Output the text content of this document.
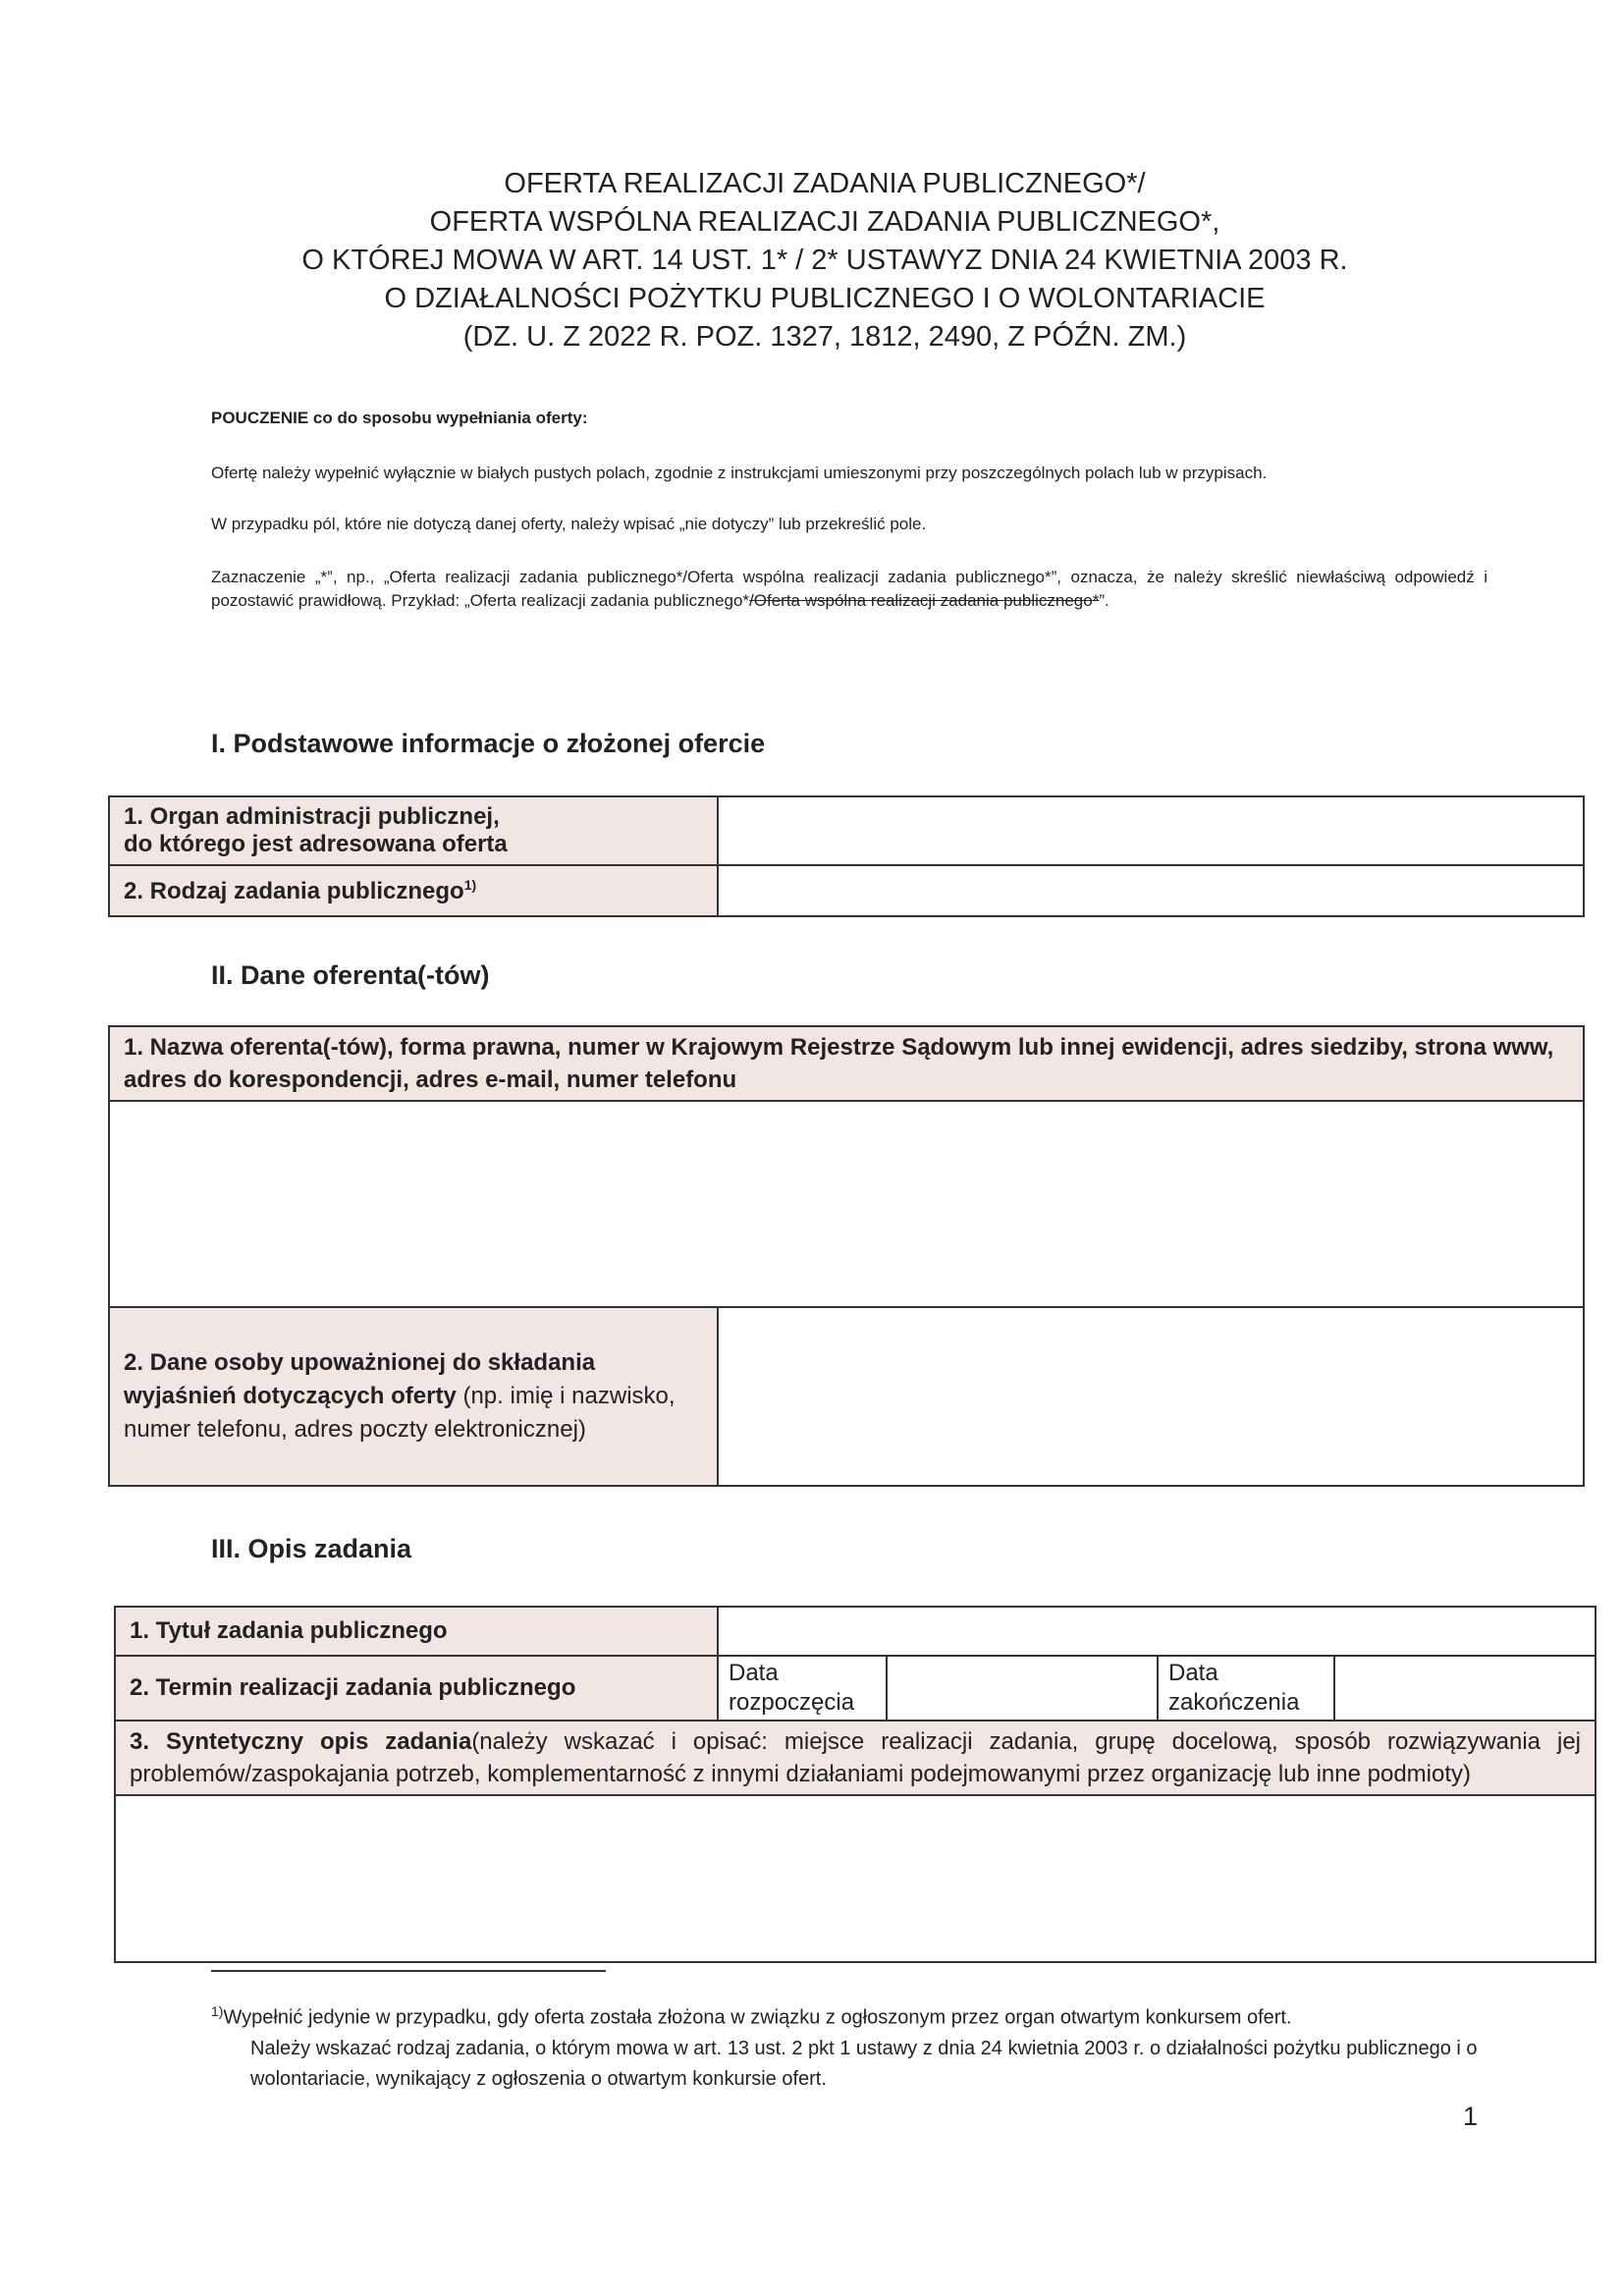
OFERTA REALIZACJI ZADANIA PUBLICZNEGO*/
OFERTA WSPÓLNA REALIZACJI ZADANIA PUBLICZNEGO*,
O KTÓREJ MOWA W ART. 14 UST. 1* / 2* USTAWYZ DNIA 24 KWIETNIA 2003 R.
O DZIAŁALNOŚCI POŻYTKU PUBLICZNEGO I O WOLONTARIACIE
(DZ. U. Z 2022 R. POZ. 1327, 1812, 2490, Z PÓŹN. ZM.)
POUCZENIE co do sposobu wypełniania oferty:
Ofertę należy wypełnić wyłącznie w białych pustych polach, zgodnie z instrukcjami umieszonymi przy poszczególnych polach lub w przypisach.
W przypadku pól, które nie dotyczą danej oferty, należy wpisać „nie dotyczy” lub przekreślić pole.
Zaznaczenie „*”, np., „Oferta realizacji zadania publicznego*/Oferta wspólna realizacji zadania publicznego*”, oznacza, że należy skreślić niewłaściwą odpowiedź i pozostawić prawidłową. Przykład: „Oferta realizacji zadania publicznego*/Oferta wspólna realizacji zadania publicznego*”.
I. Podstawowe informacje o złożonej ofercie
1. Organ administracji publicznej,
do którego jest adresowana oferta	

2. Rodzaj zadania publicznego$^{1)}$	
II. Dane oferenta(-tów)
1. Nazwa oferenta(-tów), forma prawna, numer w Krajowym Rejestrze Sądowym lub innej ewidencji, adres siedziby, strona www, adres do korespondencji, adres e-mail, numer telefonu

2. Dane osoby upoważnionej do składania wyjaśnień dotyczących oferty (np. imię i nazwisko, numer telefonu, adres poczty elektronicznej)	
III. Opis zadania
1. Tytuł zadania publicznego				
2. Termin realizacji zadania publicznego	Data rozpoczęcia		Data zakończenia	
3. Syntetyczny opis zadania(należy wskazać i opisać: miejsce realizacji zadania, grupę docelową, sposób rozwiązywania jej problemów/zaspokajania potrzeb, komplementarność z innymi działaniami podejmowanymi przez organizację lub inne podmioty)				

$^{1)}$Wypełnić jedynie w przypadku, gdy oferta została złożona w związku z ogłoszonym przez organ otwartym konkursem ofert.
Należy wskazać rodzaj zadania, o którym mowa w art. 13 ust. 2 pkt 1 ustawy z dnia 24 kwietnia 2003 r. o działalności pożytku publicznego i o wolontariacie, wynikający z ogłoszenia o otwartym konkursie ofert.
1
